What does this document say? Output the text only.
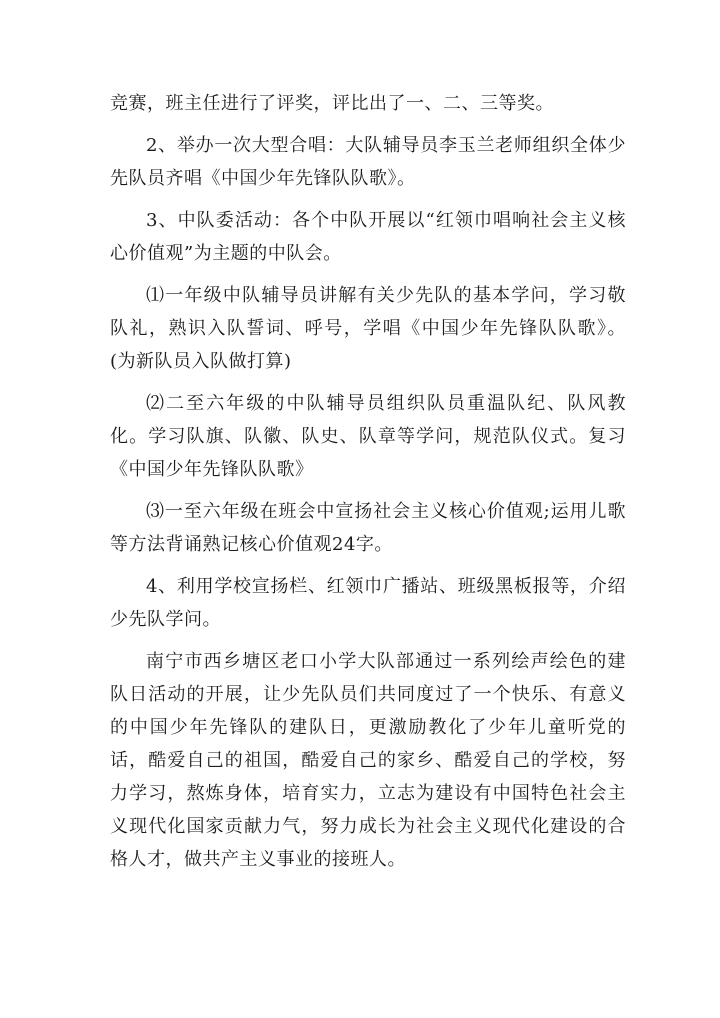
竞赛，班主任进行了评奖，评比出了一、二、三等奖。

2、举办一次大型合唱：大队辅导员李玉兰老师组织全体少先队员齐唱《中国少年先锋队队歌》。

3、中队委活动：各个中队开展以“红领巾唱响社会主义核心价值观”为主题的中队会。

⑴一年级中队辅导员讲解有关少先队的基本学问，学习敬队礼，熟识入队誓词、呼号，学唱《中国少年先锋队队歌》。(为新队员入队做打算)

⑵二至六年级的中队辅导员组织队员重温队纪、队风教化。学习队旗、队徽、队史、队章等学问，规范队仪式。复习《中国少年先锋队队歌》

⑶一至六年级在班会中宣扬社会主义核心价值观;运用儿歌等方法背诵熟记核心价值观24字。

4、利用学校宣扬栏、红领巾广播站、班级黑板报等，介绍少先队学问。

南宁市西乡塘区老口小学大队部通过一系列绘声绘色的建队日活动的开展，让少先队员们共同度过了一个快乐、有意义的中国少年先锋队的建队日，更激励教化了少年儿童听党的话，酷爱自己的祖国，酷爱自己的家乡、酷爱自己的学校，努力学习，熬炼身体，培育实力，立志为建设有中国特色社会主义现代化国家贡献力气，努力成长为社会主义现代化建设的合格人才，做共产主义事业的接班人。
